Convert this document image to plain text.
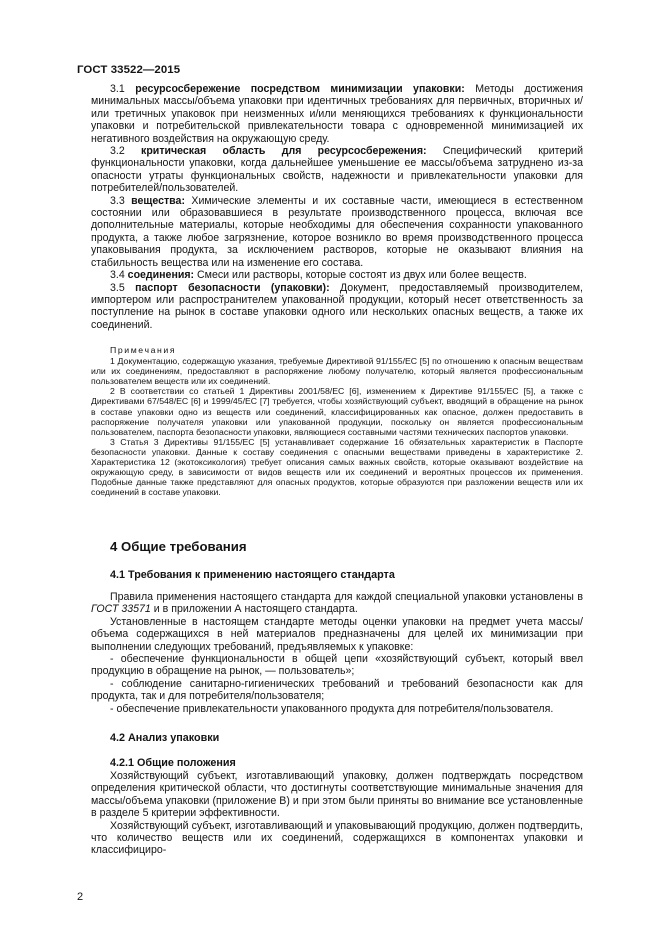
ГОСТ 33522—2015

3.1 ресурсосбережение посредством минимизации упаковки: Методы достижения минимальных массы/объема упаковки при идентичных требованиях для первичных, вторичных и/или третичных упаковок при неизменных и/или меняющихся требованиях к функциональности упаковки и потребительской привлекательности товара с одновременной минимизацией их негативного воздействия на окружающую среду.

3.2 критическая область для ресурсосбережения: Специфический критерий функциональности упаковки, когда дальнейшее уменьшение ее массы/объема затруднено из-за опасности утраты функциональных свойств, надежности и привлекательности упаковки для потребителей/пользователей.

3.3 вещества: Химические элементы и их составные части, имеющиеся в естественном состоянии или образовавшиеся в результате производственного процесса, включая все дополнительные материалы, которые необходимы для обеспечения сохранности упакованного продукта, а также любое загрязнение, которое возникло во время производственного процесса упаковывания продукта, за исключением растворов, которые не оказывают влияния на стабильность вещества или на изменение его состава.

3.4 соединения: Смеси или растворы, которые состоят из двух или более веществ.

3.5 паспорт безопасности (упаковки): Документ, предоставляемый производителем, импортером или распространителем упакованной продукции, который несет ответственность за поступление на рынок в составе упаковки одного или нескольких опасных веществ, а также их соединений.

Примечания

1 Документацию, содержащую указания, требуемые Директивой 91/155/ЕС [5] по отношению к опасным веществам или их соединениям, предоставляют в распоряжение любому получателю, который является профессиональным пользователем веществ или их соединений.

2 В соответствии со статьей 1 Директивы 2001/58/ЕС [6], изменением к Директиве 91/155/ЕС [5], а также с Директивами 67/548/ЕС [6] и 1999/45/ЕС [7] требуется, чтобы хозяйствующий субъект, вводящий в обращение на рынок в составе упаковки одно из веществ или соединений, классифицированных как опасное, должен предоставить в распоряжение получателя упаковки или упакованной продукции, поскольку он является профессиональным пользователем, паспорта безопасности упаковки, являющиеся составными частями технических паспортов упаковки.

3 Статья 3 Директивы 91/155/ЕС [5] устанавливает содержание 16 обязательных характеристик в Паспорте безопасности упаковки. Данные к составу соединения с опасными веществами приведены в характеристике 2. Характеристика 12 (экотоксикология) требует описания самых важных свойств, которые оказывают воздействие на окружающую среду, в зависимости от видов веществ или их соединений и вероятных процессов их применения. Подобные данные также представляют для опасных продуктов, которые образуются при разложении веществ или их соединений в составе упаковки.

4 Общие требования
4.1 Требования к применению настоящего стандарта

Правила применения настоящего стандарта для каждой специальной упаковки установлены в ГОСТ 33571 и в приложении А настоящего стандарта.

Установленные в настоящем стандарте методы оценки упаковки на предмет учета массы/объема содержащихся в ней материалов предназначены для целей их минимизации при выполнении следующих требований, предъявляемых к упаковке:

- обеспечение функциональности в общей цепи «хозяйствующий субъект, который ввел продукцию в обращение на рынок, — пользователь»;

- соблюдение санитарно-гигиенических требований и требований безопасности как для продукта, так и для потребителя/пользователя;

- обеспечение привлекательности упакованного продукта для потребителя/пользователя.

4.2 Анализ упаковки
4.2.1 Общие положения

Хозяйствующий субъект, изготавливающий упаковку, должен подтверждать посредством определения критической области, что достигнуты соответствующие минимальные значения для массы/объема упаковки (приложение В) и при этом были приняты во внимание все установленные в разделе 5 критерии эффективности.

Хозяйствующий субъект, изготавливающий и упаковывающий продукцию, должен подтвердить, что количество веществ или их соединений, содержащихся в компонентах упаковки и классифициро-

2
